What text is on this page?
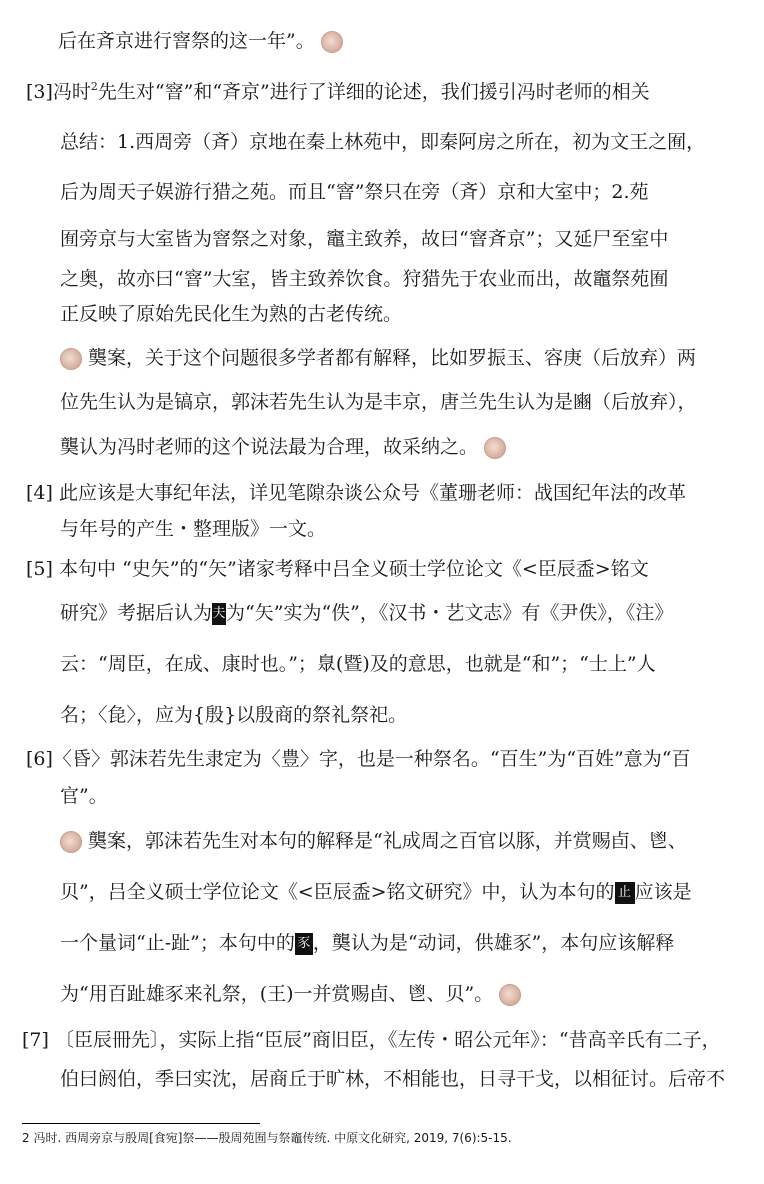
后在斉京进行窨祭的这一年”。
[3]冯时$^2$先生对“窨”和“斉京”进行了详细的论述，我们援引冯时老师的相关
总结：1.西周旁（斉）京地在秦上林苑中，即秦阿房之所在，初为文王之囿，
后为周天子娱游行猎之苑。而且“窨”祭只在旁（斉）京和大室中；2.苑
囿旁京与大室皆为窨祭之对象，竈主致养，故曰“窨斉京”；又延尸至室中
之奥，故亦曰“窨”大室，皆主致养饮食。狩猎先于农业而出，故竈祭苑囿
正反映了原始先民化生为熟的古老传统。
龑案，关于这个问题很多学者都有解释，比如罗振玉、容庚（后放弃）两
位先生认为是镐京，郭沫若先生认为是丰京，唐兰先生认为是豳（后放弃），
龑认为冯时老师的这个说法最为合理，故采纳之。
[4] 此应该是大事纪年法，详见笔隙杂谈公众号《董珊老师：战国纪年法的改革
与年号的产生・整理版》一文。
[5] 本句中 “史矢”的“矢”诸家考释中吕全义硕士学位论文《<臣辰盉>铭文
研究》考据后认为夫为“矢”实为“佚”，《汉书・艺文志》有《尹佚》，《注》
云：“周臣，在成、康时也。”；臮(暨)及的意思，也就是“和”；“士上”人
名；〈㲋〉，应为{殷}以殷商的祭礼祭祀。
[6]〈昏〉郭沫若先生隶定为〈豊〉字，也是一种祭名。“百生”为“百姓”意为“百
官”。
龑案，郭沫若先生对本句的解释是“礼成周之百官以豚，并赏赐卣、鬯、
贝”，吕全义硕士学位论文《<臣辰盉>铭文研究》中，认为本句的 止 应该是
一个量词“止-趾”；本句中的 豕 ，龑认为是“动词，供雄豕”，本句应该解释
为“用百趾雄豕来礼祭，(王)一并赏赐卣、鬯、贝”。
[7] 〔臣辰冊先〕，实际上指“臣辰”商旧臣，《左传・昭公元年》：“昔高辛氏有二子，
伯曰阏伯，季曰实沈，居商丘于旷林，不相能也，日寻干戈，以相征讨。后帝不
2 冯时. 西周旁京与殷周[食宛]祭——殷周苑囿与祭竈传统. 中原文化研究, 2019, 7(6):5-15.
